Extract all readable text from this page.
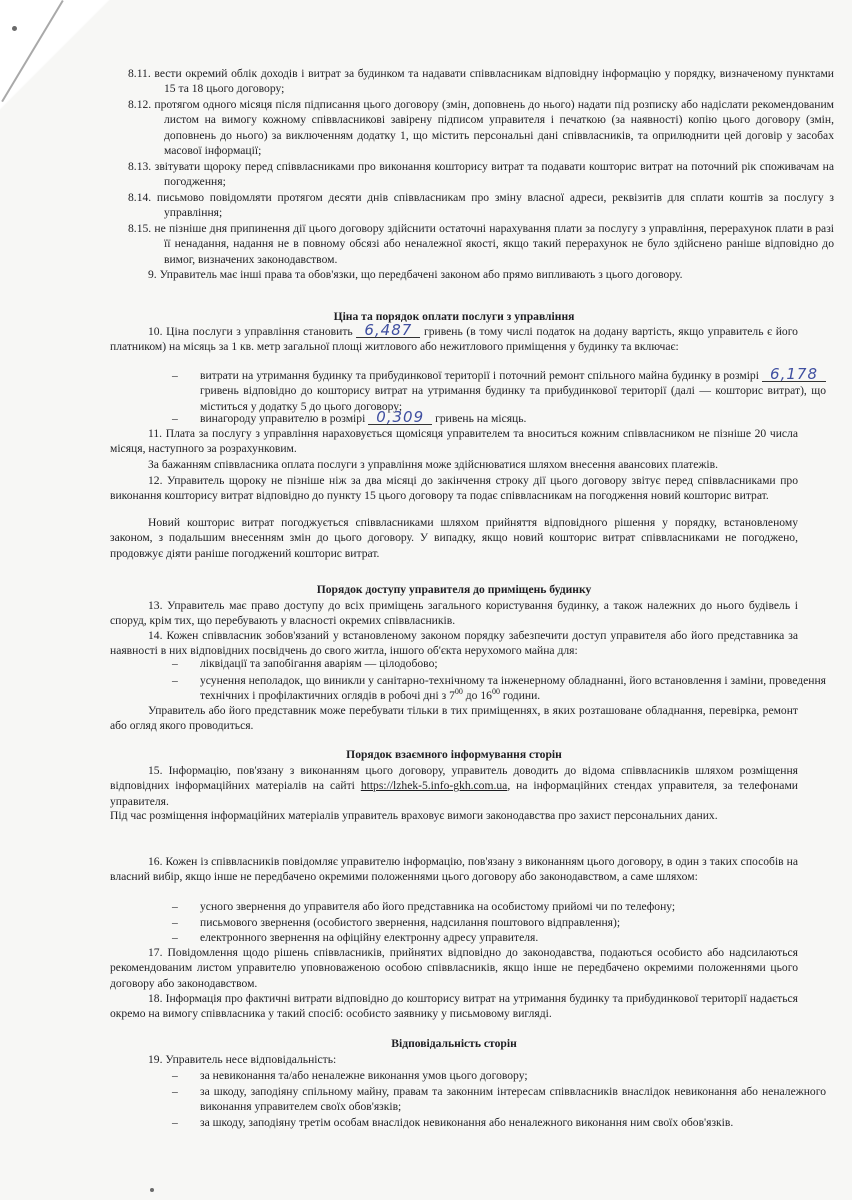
8.11. вести окремий облік доходів і витрат за будинком та надавати співвласникам відповідну інформацію у порядку, визначеному пунктами 15 та 18 цього договору;
8.12. протягом одного місяця після підписання цього договору (змін, доповнень до нього) надати під розписку або надіслати рекомендованим листом на вимогу кожному співвласникові завірену підписом управителя і печаткою (за наявності) копію цього договору (змін, доповнень до нього) за виключенням додатку 1, що містить персональні дані співвласників, та оприлюднити цей договір у засобах масової інформації;
8.13. звітувати щороку перед співвласниками про виконання кошторису витрат та подавати кошторис витрат на поточний рік споживачам на погодження;
8.14. письмово повідомляти протягом десяти днів співвласникам про зміну власної адреси, реквізитів для сплати коштів за послугу з управління;
8.15. не пізніше дня припинення дії цього договору здійснити остаточні нарахування плати за послугу з управління, перерахунок плати в разі її ненадання, надання не в повному обсязі або неналежної якості, якщо такий перерахунок не було здійснено раніше відповідно до вимог, визначених законодавством.
9. Управитель має інші права та обов'язки, що передбачені законом або прямо випливають з цього договору.
Ціна та порядок оплати послуги з управління
10. Ціна послуги з управління становить 6,487 гривень (в тому числі податок на додану вартість, якщо управитель є його платником) на місяць за 1 кв. метр загальної площі житлового або нежитлового приміщення у будинку та включає:
– витрати на утримання будинку та прибудинкової території і поточний ремонт спільного майна будинку в розмірі 6,178 гривень відповідно до кошторису витрат на утримання будинку та прибудинкової території (далі — кошторис витрат), що міститься у додатку 5 до цього договору;
– винагороду управителю в розмірі 0,309 гривень на місяць.
11. Плата за послугу з управління нараховується щомісяця управителем та вноситься кожним співвласником не пізніше 20 числа місяця, наступного за розрахунковим.
За бажанням співвласника оплата послуги з управління може здійснюватися шляхом внесення авансових платежів.
12. Управитель щороку не пізніше ніж за два місяці до закінчення строку дії цього договору звітує перед співвласниками про виконання кошторису витрат відповідно до пункту 15 цього договору та подає співвласникам на погодження новий кошторис витрат.
Новий кошторис витрат погоджується співвласниками шляхом прийняття відповідного рішення у порядку, встановленому законом, з подальшим внесенням змін до цього договору. У випадку, якщо новий кошторис витрат співвласниками не погоджено, продовжує діяти раніше погоджений кошторис витрат.
Порядок доступу управителя до приміщень будинку
13. Управитель має право доступу до всіх приміщень загального користування будинку, а також належних до нього будівель і споруд, крім тих, що перебувають у власності окремих співвласників.
14. Кожен співвласник зобов'язаний у встановленому законом порядку забезпечити доступ управителя або його представника за наявності в них відповідних посвідчень до свого житла, іншого об'єкта нерухомого майна для:
– ліквідації та запобігання аваріям — цілодобово;
– усунення неполадок, що виникли у санітарно-технічному та інженерному обладнанні, його встановлення і заміни, проведення технічних і профілактичних оглядів в робочі дні з $7^{00}$ до $16^{00}$ години.
Управитель або його представник може перебувати тільки в тих приміщеннях, в яких розташоване обладнання, перевірка, ремонт або огляд якого проводиться.
Порядок взаємного інформування сторін
15. Інформацію, пов'язану з виконанням цього договору, управитель доводить до відома співвласників шляхом розміщення відповідних інформаційних матеріалів на сайті https://lzhek-5.info-gkh.com.ua, на інформаційних стендах управителя, за телефонами управителя.
Під час розміщення інформаційних матеріалів управитель враховує вимоги законодавства про захист персональних даних.
16. Кожен із співвласників повідомляє управителю інформацію, пов'язану з виконанням цього договору, в один з таких способів на власний вибір, якщо інше не передбачено окремими положеннями цього договору або законодавством, а саме шляхом:
– усного звернення до управителя або його представника на особистому прийомі чи по телефону;
– письмового звернення (особистого звернення, надсилання поштового відправлення);
– електронного звернення на офіційну електронну адресу управителя.
17. Повідомлення щодо рішень співвласників, прийнятих відповідно до законодавства, подаються особисто або надсилаються рекомендованим листом управителю уповноваженою особою співвласників, якщо інше не передбачено окремими положеннями цього договору або законодавством.
18. Інформація про фактичні витрати відповідно до кошторису витрат на утримання будинку та прибудинкової території надається окремо на вимогу співвласника у такий спосіб: особисто заявнику у письмовому вигляді.
Відповідальність сторін
19. Управитель несе відповідальність:
– за невиконання та/або неналежне виконання умов цього договору;
– за шкоду, заподіяну спільному майну, правам та законним інтересам співвласників внаслідок невиконання або неналежного виконання управителем своїх обов'язків;
– за шкоду, заподіяну третім особам внаслідок невиконання або неналежного виконання ним своїх обов'язків.
